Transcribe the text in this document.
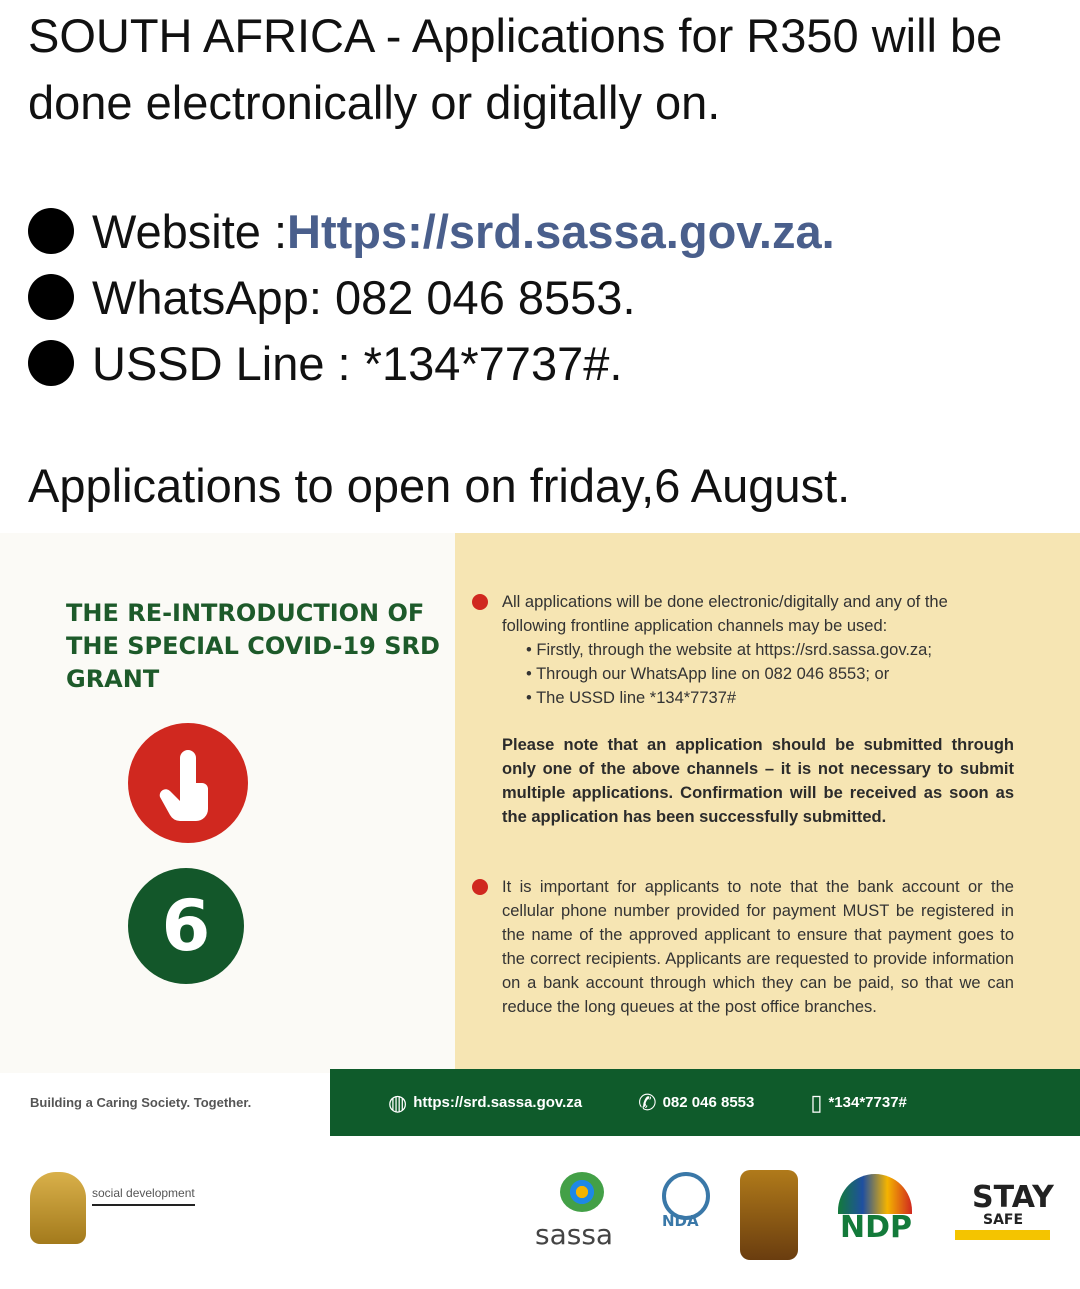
SOUTH AFRICA - Applications for R350 will be done electronically or digitally on.

Website : Https://srd.sassa.gov.za.
WhatsApp: 082 046 8553.
USSD Line : *134*7737#.
Applications to open on friday,6 August.
THE RE-INTRODUCTION OF THE SPECIAL COVID-19 SRD GRANT
6
All applications will be done electronic/digitally and any of the following frontline application channels may be used:
• Firstly, through the website at https://srd.sassa.gov.za;
• Through our WhatsApp line on 082 046 8553; or
• The USSD line *134*7737#
Please note that an application should be submitted through only one of the above channels – it is not necessary to submit multiple applications. Confirmation will be received as soon as the application has been successfully submitted.
It is important for applicants to note that the bank account or the cellular phone number provided for payment MUST be registered in the name of the approved applicant to ensure that payment goes to the correct recipients. Applicants are requested to provide information on a bank account through which they can be paid, so that we can reduce the long queues at the post office branches.
Building a Caring Society. Together.	◍ https://srd.sassa.gov.za	✆ 082 046 8553	▯ *134*7737#
social development
sassa	NDA	NDP
STAY
SAFE
